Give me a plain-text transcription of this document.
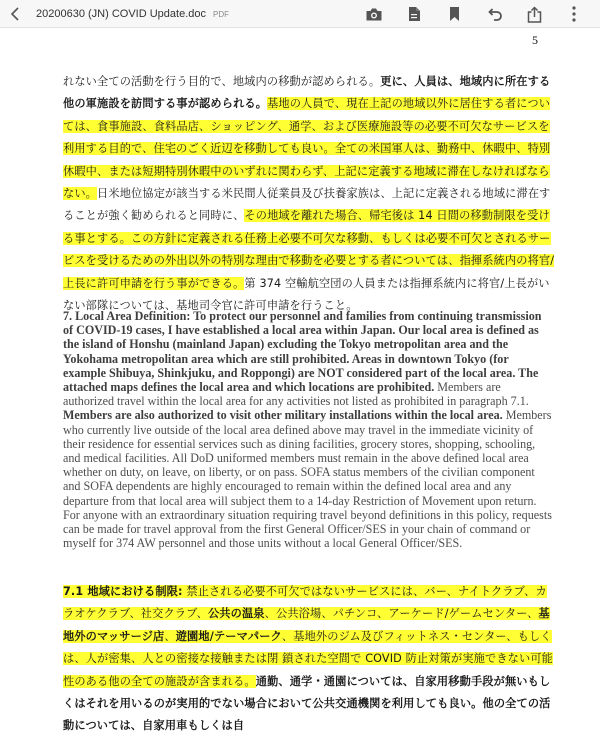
20200630 (JN) COVID Update.doc PDF
5
れない全ての活動を行う目的で、地域内の移動が認められる。更に、人員は、地域内に所在する他の軍施設を訪問する事が認められる。基地の人員で、現在上記の地域以外に居住する者については、食事施設、食料品店、ショッピング、通学、および医療施設等の必要不可欠なサービスを利用する目的で、住宅のごく近辺を移動しても良い。全ての米国軍人は、勤務中、休暇中、特別休暇中、または短期特別休暇中のいずれに関わらず、上記に定義する地域に滞在しなければならない。日米地位協定が該当する米民間人従業員及び扶養家族は、上記に定義される地域に滞在することが強く勧められると同時に、その地域を離れた場合、帰宅後は 14 日間の移動制限を受ける事とする。この方針に定義される任務上必要不可欠な移動、もしくは必要不可欠とされるサービスを受けるための外出以外の特別な理由で移動を必要とする者については、指揮系統内の将官/上長に許可申請を行う事ができる。第 374 空輸航空団の人員または指揮系統内に将官/上長がいない部隊については、基地司令官に許可申請を行うこと。
7. Local Area Definition: To protect our personnel and families from continuing transmission of COVID-19 cases, I have established a local area within Japan. Our local area is defined as the island of Honshu (mainland Japan) excluding the Tokyo metropolitan area and the Yokohama metropolitan area which are still prohibited. Areas in downtown Tokyo (for example Shibuya, Shinkjuku, and Roppongi) are NOT considered part of the local area. The attached maps defines the local area and which locations are prohibited. Members are authorized travel within the local area for any activities not listed as prohibited in paragraph 7.1. Members are also authorized to visit other military installations within the local area. Members who currently live outside of the local area defined above may travel in the immediate vicinity of their residence for essential services such as dining facilities, grocery stores, shopping, schooling, and medical facilities. All DoD uniformed members must remain in the above defined local area whether on duty, on leave, on liberty, or on pass. SOFA status members of the civilian component and SOFA dependents are highly encouraged to remain within the defined local area and any departure from that local area will subject them to a 14-day Restriction of Movement upon return. For anyone with an extraordinary situation requiring travel beyond definitions in this policy, requests can be made for travel approval from the first General Officer/SES in your chain of command or myself for 374 AW personnel and those units without a local General Officer/SES.
7.1 地域における制限: 禁止される必要不可欠ではないサービスには、バー、ナイトクラブ、カラオケクラブ、社交クラブ、公共の温泉、公共浴場、パチンコ、アーケード/ゲームセンター、基地外のマッサージ店、遊園地/テーマパーク、基地外のジム及びフィットネス・センター、もしくは、人が密集、人との密接な接触または閉 鎖された空間で COVID 防止対策が実施できない可能性のある他の全ての施設が含まれる。通勤、通学・通園については、自家用移動手段が無いもしくはそれを用いるのが実用的でない場合において公共交通機関を利用しても良い。他の全ての活動については、自家用車もしくは自
